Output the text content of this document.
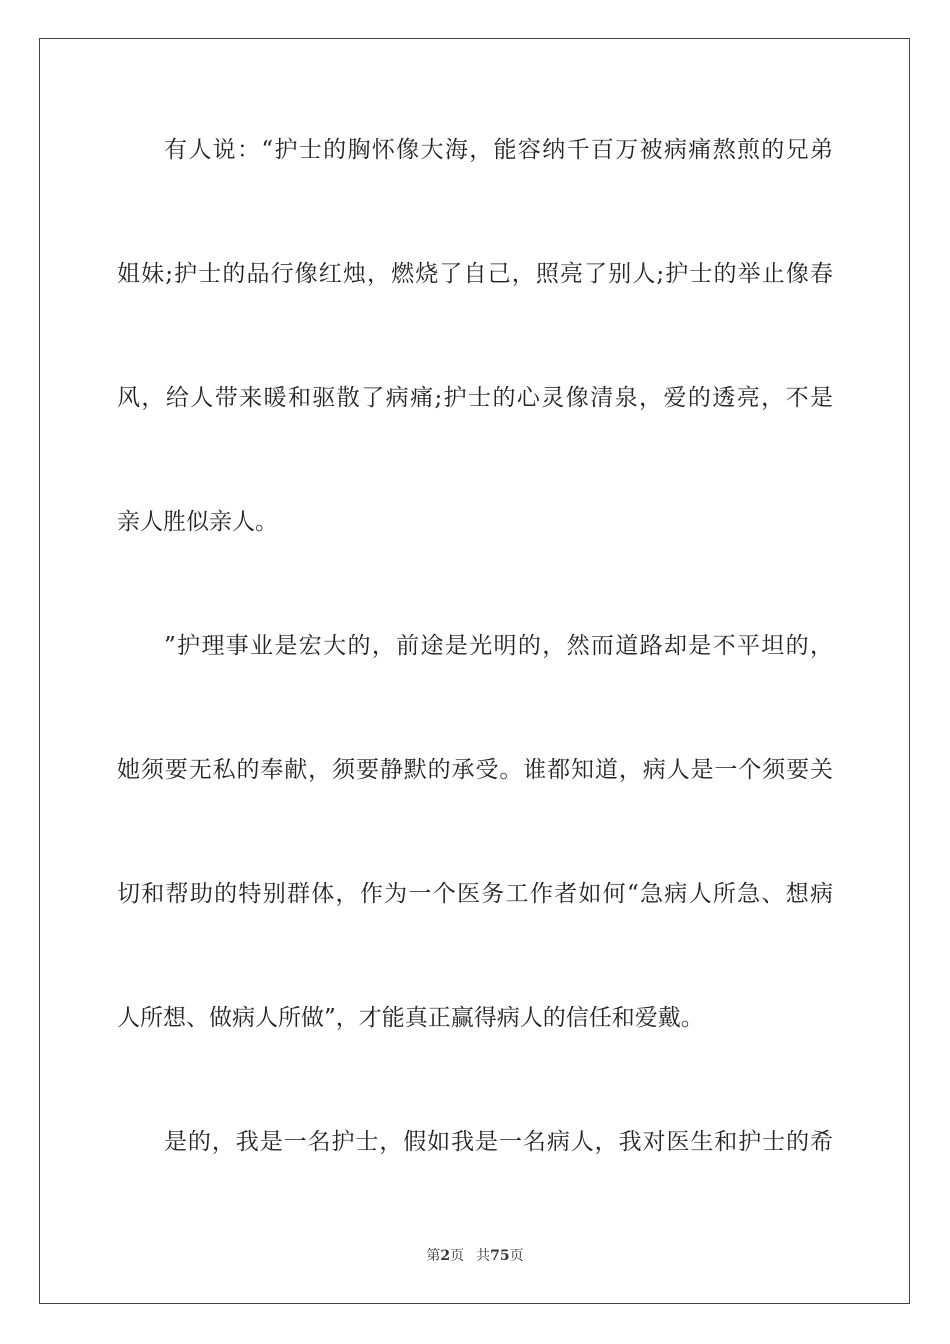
有人说：“护士的胸怀像大海，能容纳千百万被病痛熬煎的兄弟
姐妹;护士的品行像红烛，燃烧了自己，照亮了别人;护士的举止像春
风，给人带来暖和驱散了病痛;护士的心灵像清泉，爱的透亮，不是
亲人胜似亲人。
”护理事业是宏大的，前途是光明的，然而道路却是不平坦的，
她须要无私的奉献，须要静默的承受。谁都知道，病人是一个须要关
切和帮助的特别群体，作为一个医务工作者如何“急病人所急、想病
人所想、做病人所做”，才能真正赢得病人的信任和爱戴。
是的，我是一名护士，假如我是一名病人，我对医生和护士的希
第2页 共75页
